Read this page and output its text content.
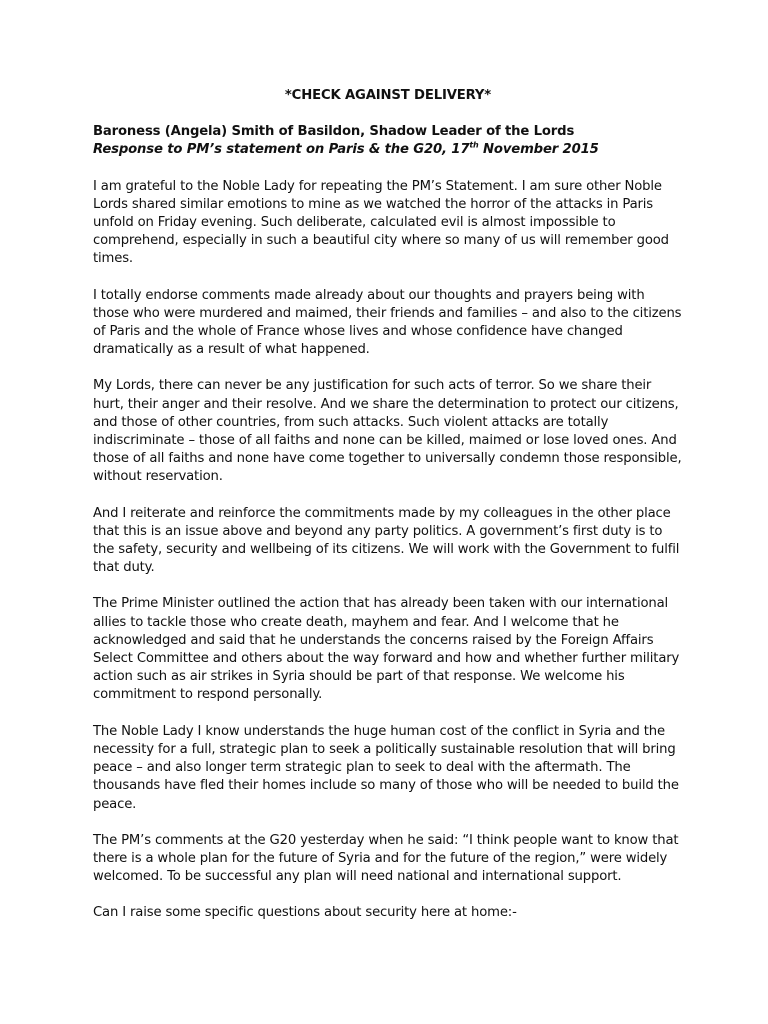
*CHECK AGAINST DELIVERY*

Baroness (Angela) Smith of Basildon, Shadow Leader of the Lords

Response to PM’s statement on Paris & the G20, 17th November 2015

I am grateful to the Noble Lady for repeating the PM’s Statement. I am sure other Noble Lords shared similar emotions to mine as we watched the horror of the attacks in Paris unfold on Friday evening. Such deliberate, calculated evil is almost impossible to comprehend, especially in such a beautiful city where so many of us will remember good times.

I totally endorse comments made already about our thoughts and prayers being with those who were murdered and maimed, their friends and families – and also to the citizens of Paris and the whole of France whose lives and whose confidence have changed dramatically as a result of what happened.

My Lords, there can never be any justification for such acts of terror. So we share their hurt, their anger and their resolve. And we share the determination to protect our citizens, and those of other countries, from such attacks. Such violent attacks are totally indiscriminate – those of all faiths and none can be killed, maimed or lose loved ones. And those of all faiths and none have come together to universally condemn those responsible, without reservation.

And I reiterate and reinforce the commitments made by my colleagues in the other place that this is an issue above and beyond any party politics. A government’s first duty is to the safety, security and wellbeing of its citizens. We will work with the Government to fulfil that duty.

The Prime Minister outlined the action that has already been taken with our international allies to tackle those who create death, mayhem and fear. And I welcome that he acknowledged and said that he understands the concerns raised by the Foreign Affairs Select Committee and others about the way forward and how and whether further military action such as air strikes in Syria should be part of that response. We welcome his commitment to respond personally.

The Noble Lady I know understands the huge human cost of the conflict in Syria and the necessity for a full, strategic plan to seek a politically sustainable resolution that will bring peace – and also longer term strategic plan to seek to deal with the aftermath. The thousands have fled their homes include so many of those who will be needed to build the peace.

The PM’s comments at the G20 yesterday when he said: “I think people want to know that there is a whole plan for the future of Syria and for the future of the region,” were widely welcomed. To be successful any plan will need national and international support.

Can I raise some specific questions about security here at home:-
